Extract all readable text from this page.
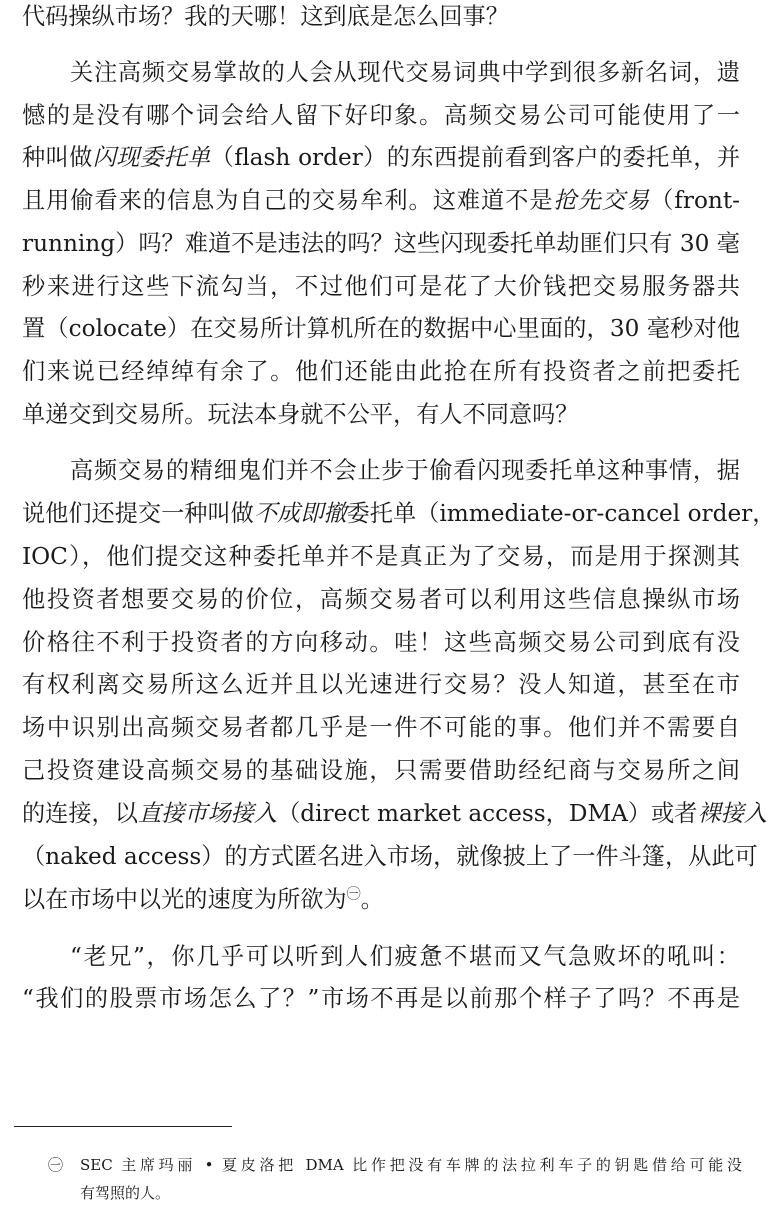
代码操纵市场？我的天哪！这到底是怎么回事？
关注高频交易掌故的人会从现代交易词典中学到很多新名词，遗
憾的是没有哪个词会给人留下好印象。高频交易公司可能使用了一
种叫做闪现委托单（flash order）的东西提前看到客户的委托单，并
且用偷看来的信息为自己的交易牟利。这难道不是抢先交易（front-
running）吗？难道不是违法的吗？这些闪现委托单劫匪们只有 30 毫
秒来进行这些下流勾当，不过他们可是花了大价钱把交易服务器共
置（colocate）在交易所计算机所在的数据中心里面的，30 毫秒对他
们来说已经绰绰有余了。他们还能由此抢在所有投资者之前把委托
单递交到交易所。玩法本身就不公平，有人不同意吗？
高频交易的精细鬼们并不会止步于偷看闪现委托单这种事情，据
说他们还提交一种叫做不成即撤委托单（immediate-or-cancel order，
IOC），他们提交这种委托单并不是真正为了交易，而是用于探测其
他投资者想要交易的价位，高频交易者可以利用这些信息操纵市场
价格往不利于投资者的方向移动。哇！这些高频交易公司到底有没
有权利离交易所这么近并且以光速进行交易？没人知道，甚至在市
场中识别出高频交易者都几乎是一件不可能的事。他们并不需要自
己投资建设高频交易的基础设施，只需要借助经纪商与交易所之间
的连接，以直接市场接入（direct market access，DMA）或者裸接入
（naked access）的方式匿名进入市场，就像披上了一件斗篷，从此可
以在市场中以光的速度为所欲为$^㊀$。
“老兄”，你几乎可以听到人们疲惫不堪而又气急败坏的吼叫：
“我们的股票市场怎么了？”市场不再是以前那个样子了吗？不再是
㊀ SEC 主席玛丽 • 夏皮洛把 DMA 比作把没有车牌的法拉利车子的钥匙借给可能没
有驾照的人。
